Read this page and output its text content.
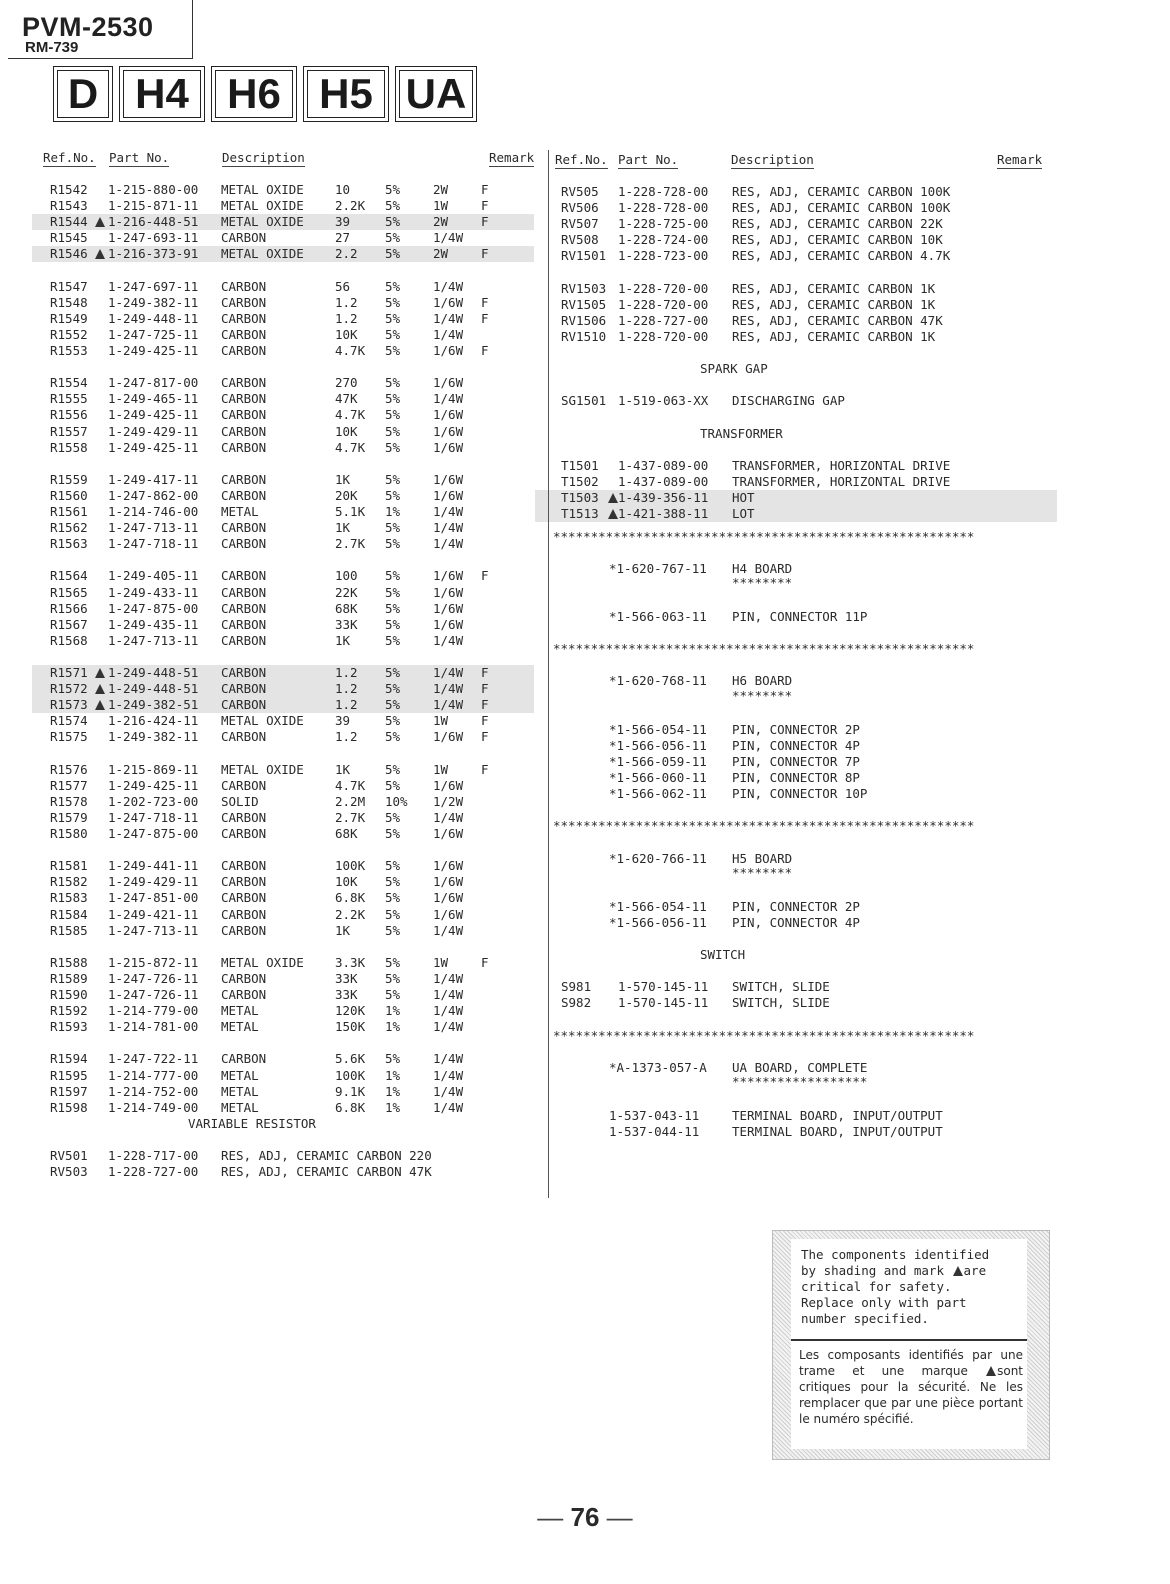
PVM-2530
RM-739
D H4 H6 H5 UA
Ref.No. Part No.	Description	Remark Ref.No. Part No.	Description	Remark
R1542 1-215-880-00 METAL OXIDE 10	5%	2W	F
R1543 1-215-871-11 METAL OXIDE 2.2K 5%	1W	F
R1544 1-216-448-51 METAL OXIDE 39	5%	2W	F
R1545 1-247-693-11 CARBON	27	5%	1/4W
R1546 1-216-373-91 METAL OXIDE 2.2 5%	2W	F
R1547 1-247-697-11 CARBON	56	5%	1/4W
R1548 1-249-382-11 CARBON	1.2 5%	1/6W F
R1549 1-249-448-11 CARBON	1.2 5%	1/4W F
R1552 1-247-725-11 CARBON	10K 5%	1/4W
R1553 1-249-425-11 CARBON	4.7K 5%	1/6W F
R1554 1-247-817-00 CARBON	270 5%	1/6W
R1555 1-249-465-11 CARBON	47K 5%	1/4W
R1556 1-249-425-11 CARBON	4.7K 5%	1/6W
R1557 1-249-429-11 CARBON	10K 5%	1/6W
R1558 1-249-425-11 CARBON	4.7K 5%	1/6W
R1559 1-249-417-11 CARBON	1K	5%	1/6W
R1560 1-247-862-00 CARBON	20K 5%	1/6W
R1561 1-214-746-00 METAL	5.1K 1%	1/4W
R1562 1-247-713-11 CARBON	1K	5%	1/4W
R1563 1-247-718-11 CARBON	2.7K 5%	1/4W
R1564 1-249-405-11 CARBON	100 5%	1/6W F
R1565 1-249-433-11 CARBON	22K 5%	1/6W
R1566 1-247-875-00 CARBON	68K 5%	1/6W
R1567 1-249-435-11 CARBON	33K 5%	1/6W
R1568 1-247-713-11 CARBON	1K	5%	1/4W
R1571 1-249-448-51 CARBON	1.2 5%	1/4W F
R1572 1-249-448-51 CARBON	1.2 5%	1/4W F
R1573 1-249-382-51 CARBON	1.2 5%	1/4W F
R1574 1-216-424-11 METAL OXIDE 39	5%	1W	F
R1575 1-249-382-11 CARBON	1.2 5%	1/6W F
R1576 1-215-869-11 METAL OXIDE 1K	5%	1W	F
R1577 1-249-425-11 CARBON	4.7K 5%	1/6W
R1578 1-202-723-00 SOLID	2.2M 10% 1/2W
R1579 1-247-718-11 CARBON	2.7K 5%	1/4W
R1580 1-247-875-00 CARBON	68K 5%	1/6W
R1581 1-249-441-11 CARBON	100K 5%	1/6W
R1582 1-249-429-11 CARBON	10K 5%	1/6W
R1583 1-247-851-00 CARBON	6.8K 5%	1/6W
R1584 1-249-421-11 CARBON	2.2K 5%	1/6W
R1585 1-247-713-11 CARBON	1K	5%	1/4W
R1588 1-215-872-11 METAL OXIDE 3.3K 5%	1W	F
R1589 1-247-726-11 CARBON	33K 5%	1/4W
R1590 1-247-726-11 CARBON	33K 5%	1/4W
R1592 1-214-779-00 METAL	120K 1%	1/4W
R1593 1-214-781-00 METAL	150K 1%	1/4W
R1594 1-247-722-11 CARBON	5.6K 5%	1/4W
R1595 1-214-777-00 METAL	100K 1%	1/4W
R1597 1-214-752-00 METAL	9.1K 1%	1/4W
R1598 1-214-749-00 METAL	6.8K 1%	1/4W
VARIABLE RESISTOR
RV501 1-228-717-00 RES, ADJ, CERAMIC CARBON 220
RV503 1-228-727-00 RES, ADJ, CERAMIC CARBON 47K
RV505 1-228-728-00 RES, ADJ, CERAMIC CARBON 100K
RV506 1-228-728-00 RES, ADJ, CERAMIC CARBON 100K
RV507 1-228-725-00 RES, ADJ, CERAMIC CARBON 22K
RV508 1-228-724-00 RES, ADJ, CERAMIC CARBON 10K
RV1501 1-228-723-00 RES, ADJ, CERAMIC CARBON 4.7K
RV1503 1-228-720-00 RES, ADJ, CERAMIC CARBON 1K
RV1505 1-228-720-00 RES, ADJ, CERAMIC CARBON 1K
RV1506 1-228-727-00 RES, ADJ, CERAMIC CARBON 47K
RV1510 1-228-720-00 RES, ADJ, CERAMIC CARBON 1K
SPARK GAP
SG1501 1-519-063-XX DISCHARGING GAP
TRANSFORMER
T1501 1-437-089-00 TRANSFORMER, HORIZONTAL DRIVE
T1502 1-437-089-00 TRANSFORMER, HORIZONTAL DRIVE
T1503 1-439-356-11 HOT
T1513 1-421-388-11 LOT
********************************************************
*1-620-767-11 H4 BOARD
********
*1-566-063-11 PIN, CONNECTOR 11P
********************************************************
*1-620-768-11 H6 BOARD
********
*1-566-054-11 PIN, CONNECTOR 2P
*1-566-056-11 PIN, CONNECTOR 4P
*1-566-059-11 PIN, CONNECTOR 7P
*1-566-060-11 PIN, CONNECTOR 8P
*1-566-062-11 PIN, CONNECTOR 10P
********************************************************
*1-620-766-11 H5 BOARD
********
*1-566-054-11 PIN, CONNECTOR 2P
*1-566-056-11 PIN, CONNECTOR 4P
SWITCH
S981 1-570-145-11 SWITCH, SLIDE
S982 1-570-145-11 SWITCH, SLIDE
********************************************************
*A-1373-057-A UA BOARD, COMPLETE
******************
1-537-043-11	TERMINAL BOARD, INPUT/OUTPUT
1-537-044-11	TERMINAL BOARD, INPUT/OUTPUT
The components identified
by shading and mark are
critical for safety.
Replace only with part
number specified.
Les composants identifiés par une trame et une marque sont critiques pour la sécurité. Ne les remplacer que par une pièce portant le numéro spécifié.
— 76 —
